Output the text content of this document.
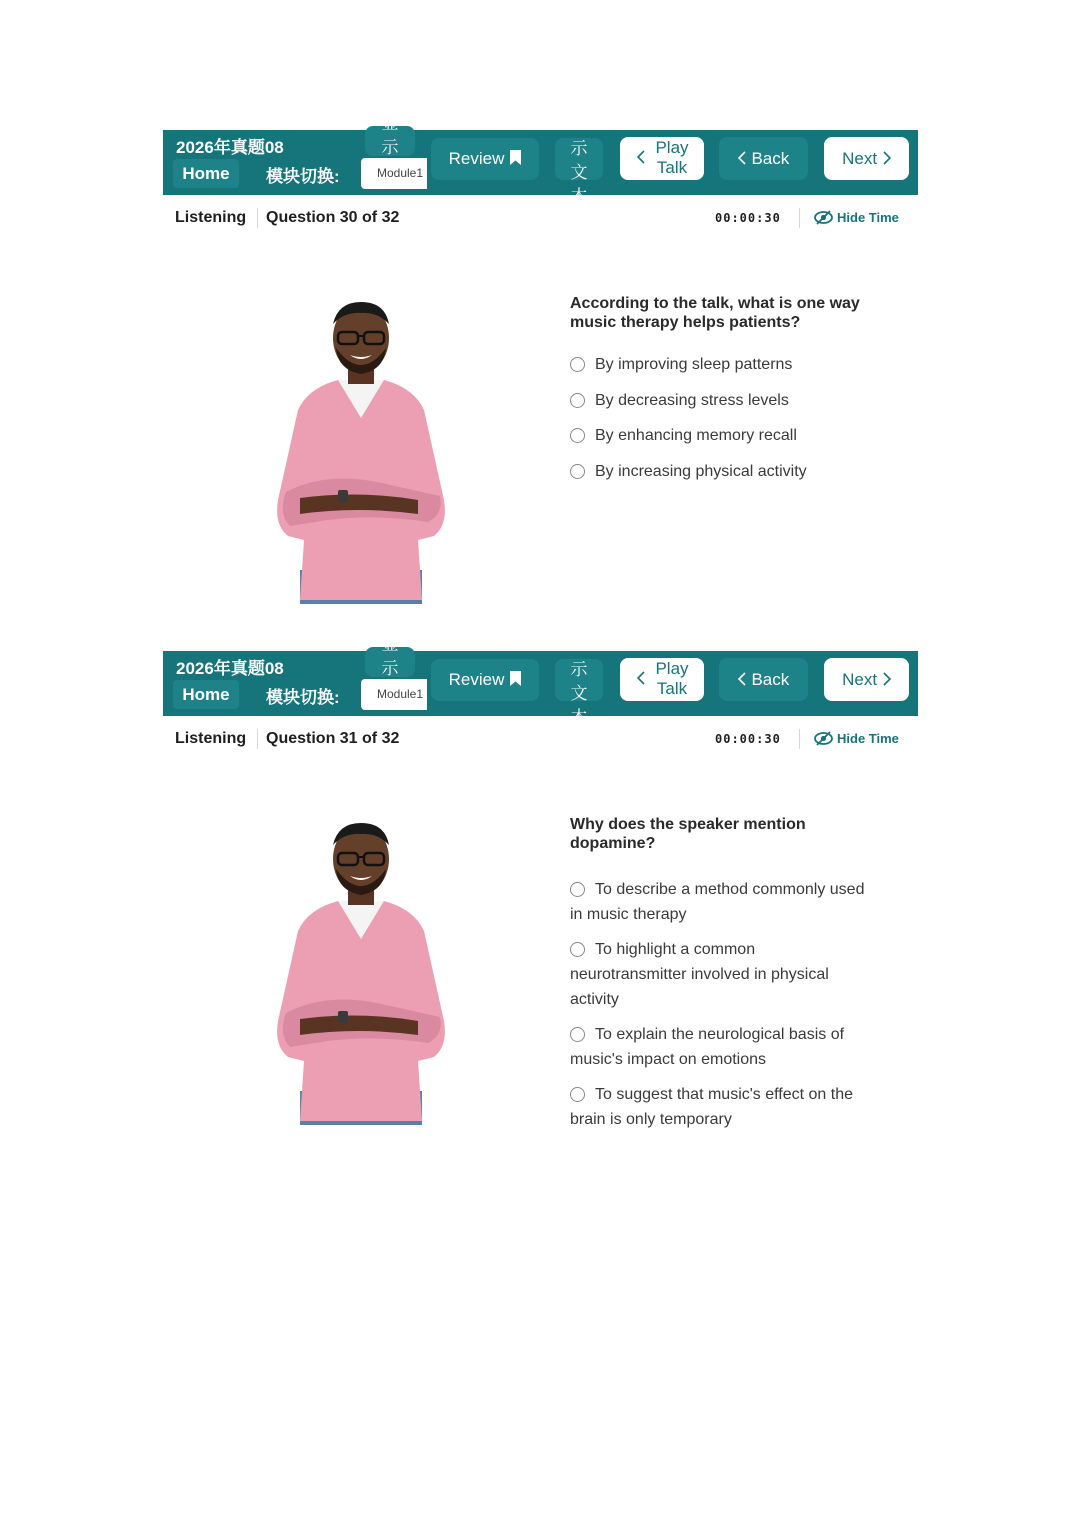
2026年真题08
Home	模块切换:
显
示
Module1
Review
示
文
本
Play
Talk	Back	Next
Listening Question 30 of 32	00:00:30	Hide Time
According to the talk, what is one way music therapy helps patients?
By improving sleep patterns
By decreasing stress levels
By enhancing memory recall
By increasing physical activity
2026年真题08
Home	模块切换:
显
示
Module1
Review
示
文
本
Play
Talk	Back	Next
Listening Question 31 of 32	00:00:30	Hide Time
Why does the speaker mention dopamine?
To describe a method commonly used in music therapy
To highlight a common neurotransmitter involved in physical activity
To explain the neurological basis of music's impact on emotions
To suggest that music's effect on the brain is only temporary
